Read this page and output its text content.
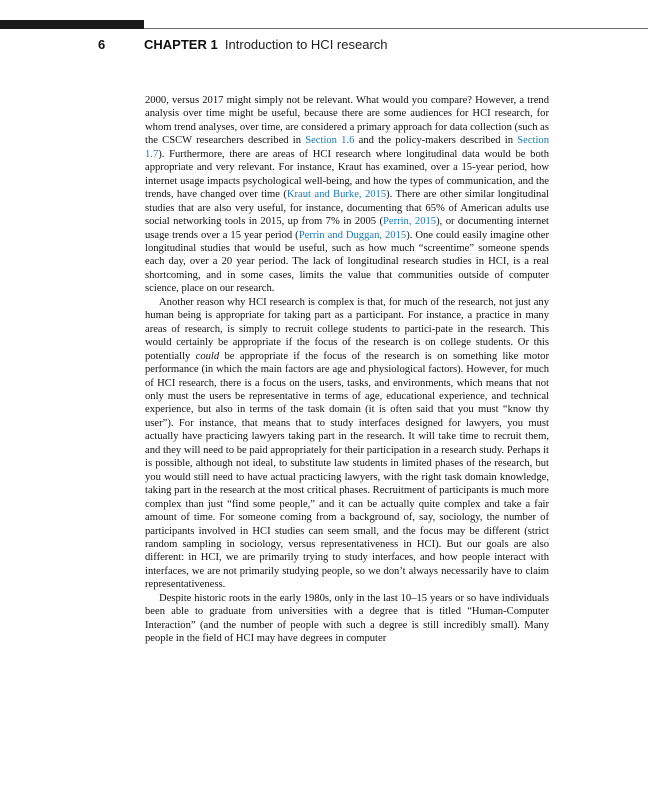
6	CHAPTER 1 Introduction to HCI research

2000, versus 2017 might simply not be relevant. What would you compare? However, a trend analysis over time might be useful, because there are some audiences for HCI research, for whom trend analyses, over time, are considered a primary approach for data collection (such as the CSCW researchers described in Section 1.6 and the policy-makers described in Section 1.7). Furthermore, there are areas of HCI research where longitudinal data would be both appropriate and very relevant. For instance, Kraut has examined, over a 15-year period, how internet usage impacts psychological well-being, and how the types of communication, and the trends, have changed over time (Kraut and Burke, 2015). There are other similar longitudinal studies that are also very useful, for instance, documenting that 65% of American adults use social networking tools in 2015, up from 7% in 2005 (Perrin, 2015), or documenting internet usage trends over a 15 year period (Perrin and Duggan, 2015). One could easily imagine other longitudinal studies that would be useful, such as how much “screentime” someone spends each day, over a 20 year period. The lack of longitudinal research studies in HCI, is a real shortcoming, and in some cases, limits the value that communities outside of computer science, place on our research.

Another reason why HCI research is complex is that, for much of the research, not just any human being is appropriate for taking part as a participant. For instance, a practice in many areas of research, is simply to recruit college students to partici-pate in the research. This would certainly be appropriate if the focus of the research is on college students. Or this potentially could be appropriate if the focus of the research is on something like motor performance (in which the main factors are age and physiological factors). However, for much of HCI research, there is a focus on the users, tasks, and environments, which means that not only must the users be representative in terms of age, educational experience, and technical experience, but also in terms of the task domain (it is often said that you must “know thy user”). For instance, that means that to study interfaces designed for lawyers, you must actually have practicing lawyers taking part in the research. It will take time to recruit them, and they will need to be paid appropriately for their participation in a research study. Perhaps it is possible, although not ideal, to substitute law students in limited phases of the research, but you would still need to have actual practicing lawyers, with the right task domain knowledge, taking part in the research at the most critical phases. Recruitment of participants is much more complex than just “find some people,” and it can be actually quite complex and take a fair amount of time. For someone coming from a background of, say, sociology, the number of participants involved in HCI studies can seem small, and the focus may be different (strict random sampling in sociology, versus representativeness in HCI). But our goals are also different: in HCI, we are primarily trying to study interfaces, and how people interact with interfaces, we are not primarily studying people, so we don’t always necessarily have to claim representativeness.

Despite historic roots in the early 1980s, only in the last 10–15 years or so have individuals been able to graduate from universities with a degree that is titled “Human-Computer Interaction” (and the number of people with such a degree is still incredibly small). Many people in the field of HCI may have degrees in computer
